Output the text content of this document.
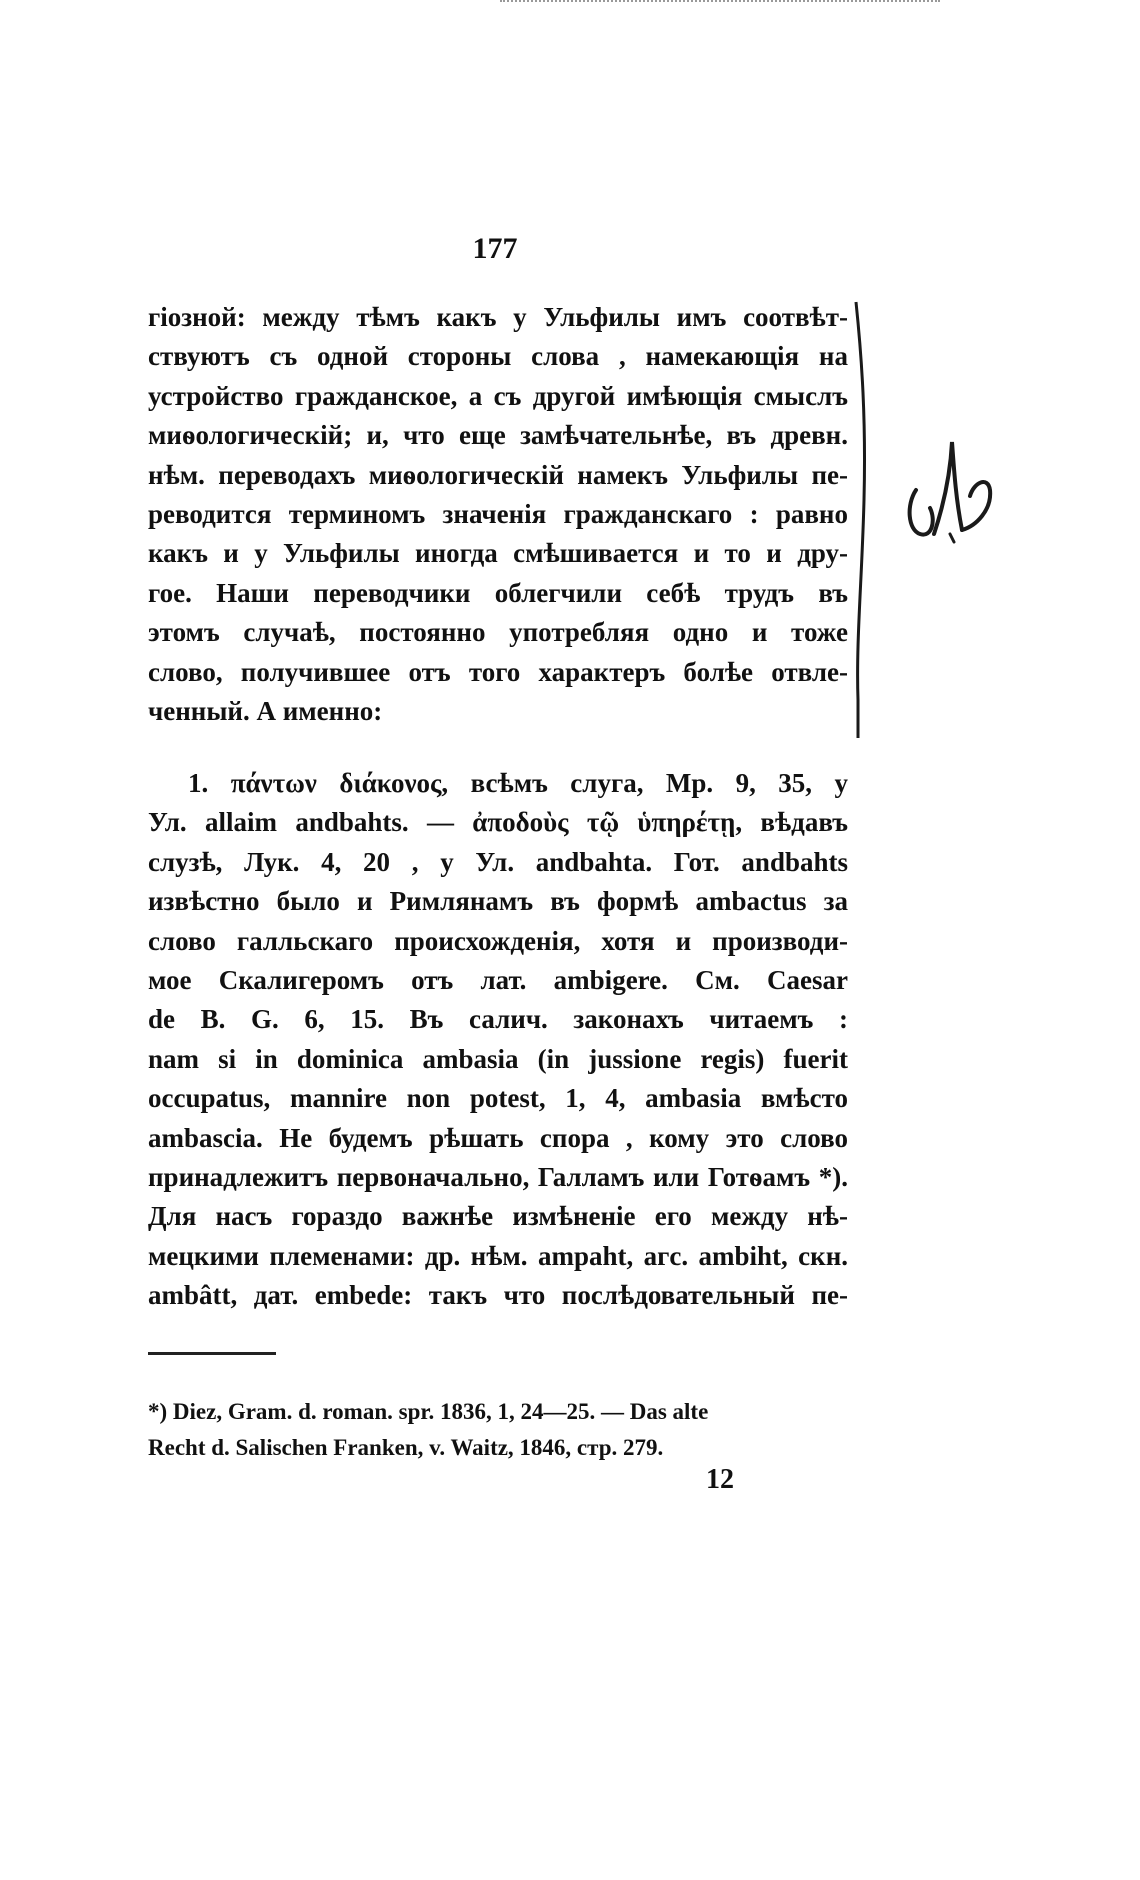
177
гіозной: между тѣмъ какъ у Ульфилы имъ соотвѣт-
ствуютъ съ одной стороны слова , намекающія на
устройство гражданское, а съ другой имѣющія смыслъ
миѳологическій; и, что еще замѣчательнѣе, въ древн.
нѣм. переводахъ миѳологическій намекъ Ульфилы пе-
реводится терминомъ значенія гражданскаго : равно
какъ и у Ульфилы иногда смѣшивается и то и дру-
гое. Наши переводчики облегчили себѣ трудъ въ
этомъ случаѣ, постоянно употребляя одно и тоже
слово, получившее отъ того характеръ болѣе отвле-
ченный. А именно:
1. πάντων διάκονος, всѣмъ слуга, Мр. 9, 35, у
Ул. allaim andbahts. — ἀποδοὺς τῷ ὑπηρέτῃ, вѣдавъ
слузѣ, Лук. 4, 20 , у Ул. andbahta. Гот. andbahts
извѣстно было и Римлянамъ въ формѣ ambactus за
слово галльскаго происхожденія, хотя и производи-
мое Скалигеромъ отъ лат. ambigere. См. Caesar
de B. G. 6, 15. Въ салич. законахъ читаемъ :
nam si in dominica ambasia (in jussione regis) fuerit
occupatus, mannire non potest, 1, 4, ambasia вмѣсто
ambascia. Не будемъ рѣшать спора , кому это слово
принадлежитъ первоначально, Галламъ или Готѳамъ *).
Для насъ гораздо важнѣе измѣненіе его между нѣ-
мецкими племенами: др. нѣм. ampaht, агс. ambiht, скн.
ambâtt, дат. embede: такъ что послѣдовательный пе-
*) Diez, Gram. d. roman. spr. 1836, 1, 24—25. — Das alte
Recht d. Salischen Franken, v. Waitz, 1846, стр. 279.
12
